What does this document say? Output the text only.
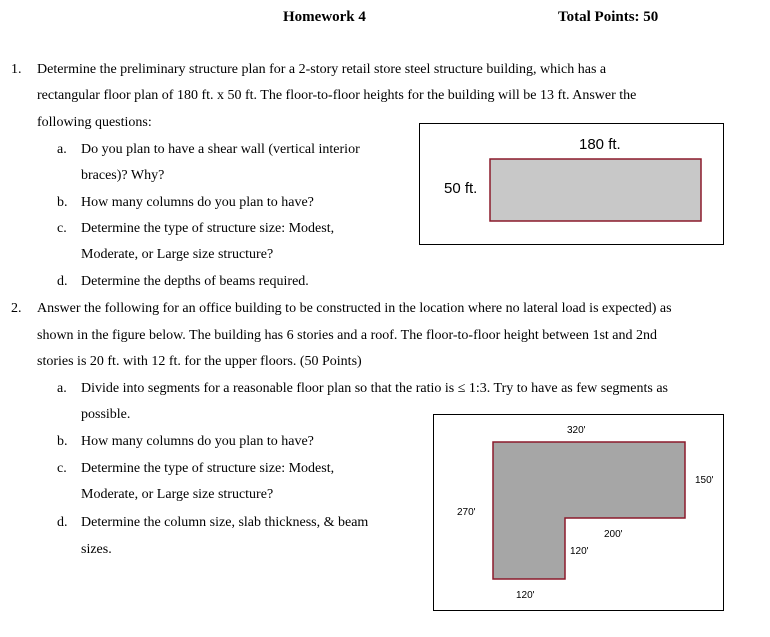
Homework 4	Total Points: 50
1. Determine the preliminary structure plan for a 2-story retail store steel structure building, which has a
rectangular floor plan of 180 ft. x 50 ft. The floor-to-floor heights for the building will be 13 ft. Answer the
following questions:
a. Do you plan to have a shear wall (vertical interior
braces)? Why?
b. How many columns do you plan to have?
c. Determine the type of structure size: Modest,
Moderate, or Large size structure?
d. Determine the depths of beams required.
180 ft.
50 ft.
2. Answer the following for an office building to be constructed in the location where no lateral load is expected) as
shown in the figure below. The building has 6 stories and a roof. The floor-to-floor height between 1st and 2nd
stories is 20 ft. with 12 ft. for the upper floors. (50 Points)
a. Divide into segments for a reasonable floor plan so that the ratio is ≤ 1:3. Try to have as few segments as
possible.
b. How many columns do you plan to have?
c. Determine the type of structure size: Modest,
Moderate, or Large size structure?
d. Determine the column size, slab thickness, & beam
sizes.
320'
150'
270'
200'
120'
120'
